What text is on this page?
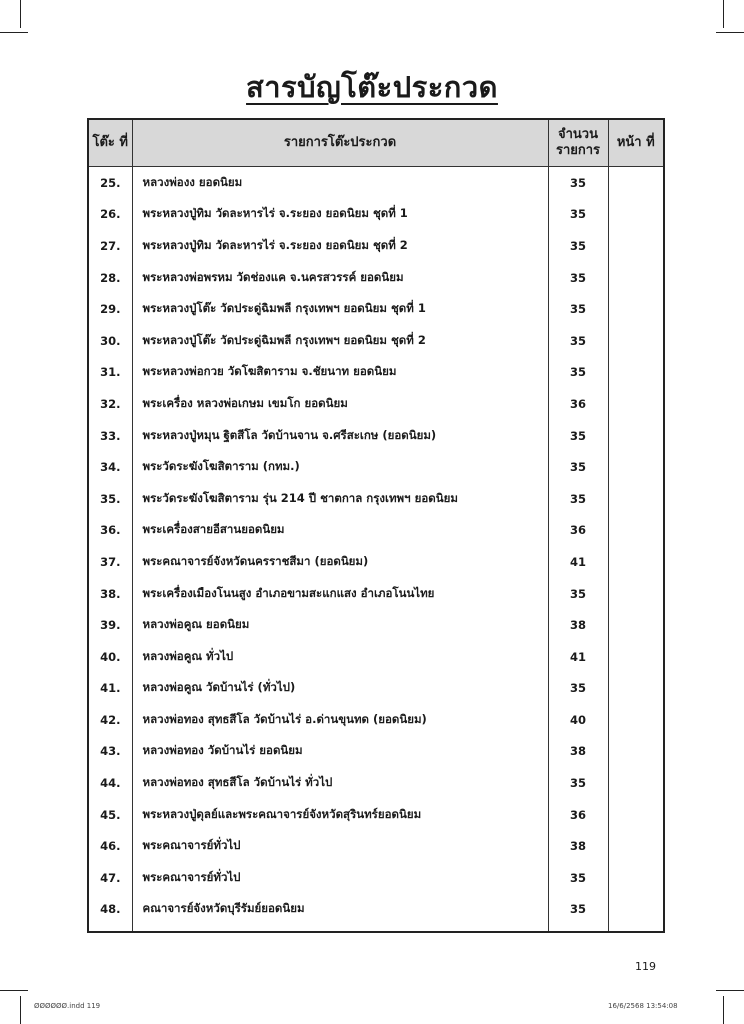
สารบัญโต๊ะประกวด
โต๊ะ ที่	รายการโต๊ะประกวด	จำนวน รายการ	หน้า ที่
25.	หลวงพ่องง ยอดนิยม	35	
26.	พระหลวงปู่ทิม วัดละหารไร่ จ.ระยอง ยอดนิยม ชุดที่ 1	35	
27.	พระหลวงปู่ทิม วัดละหารไร่ จ.ระยอง ยอดนิยม ชุดที่ 2	35	
28.	พระหลวงพ่อพรหม วัดช่องแค จ.นครสวรรค์ ยอดนิยม	35	
29.	พระหลวงปู่โต๊ะ วัดประดู่ฉิมพลี กรุงเทพฯ ยอดนิยม ชุดที่ 1	35	
30.	พระหลวงปู่โต๊ะ วัดประดู่ฉิมพลี กรุงเทพฯ ยอดนิยม ชุดที่ 2	35	
31.	พระหลวงพ่อกวย วัดโฆสิตาราม จ.ชัยนาท ยอดนิยม	35	
32.	พระเครื่อง หลวงพ่อเกษม เขมโก ยอดนิยม	36	
33.	พระหลวงปู่หมุน ฐิตสีโล วัดบ้านจาน จ.ศรีสะเกษ (ยอดนิยม)	35	
34.	พระวัดระฆังโฆสิตาราม (กทม.)	35	
35.	พระวัดระฆังโฆสิตาราม รุ่น 214 ปี ชาตกาล กรุงเทพฯ ยอดนิยม	35	
36.	พระเครื่องสายอีสานยอดนิยม	36	
37.	พระคณาจารย์จังหวัดนครราชสีมา (ยอดนิยม)	41	
38.	พระเครื่องเมืองโนนสูง อำเภอขามสะแกแสง อำเภอโนนไทย	35	
39.	หลวงพ่อคูณ ยอดนิยม	38	
40.	หลวงพ่อคูณ ทั่วไป	41	
41.	หลวงพ่อคูณ วัดบ้านไร่ (ทั่วไป)	35	
42.	หลวงพ่อทอง สุทธสีโล วัดบ้านไร่ อ.ด่านขุนทด (ยอดนิยม)	40	
43.	หลวงพ่อทอง วัดบ้านไร่ ยอดนิยม	38	
44.	หลวงพ่อทอง สุทธสีโล วัดบ้านไร่ ทั่วไป	35	
45.	พระหลวงปู่ดุลย์และพระคณาจารย์จังหวัดสุรินทร์ยอดนิยม	36	
46.	พระคณาจารย์ทั่วไป	38	
47.	พระคณาจารย์ทั่วไป	35	
48.	คณาจารย์จังหวัดบุรีรัมย์ยอดนิยม	35	
119
ØØØØØØ.indd 119	16/6/2568 13:54:08
